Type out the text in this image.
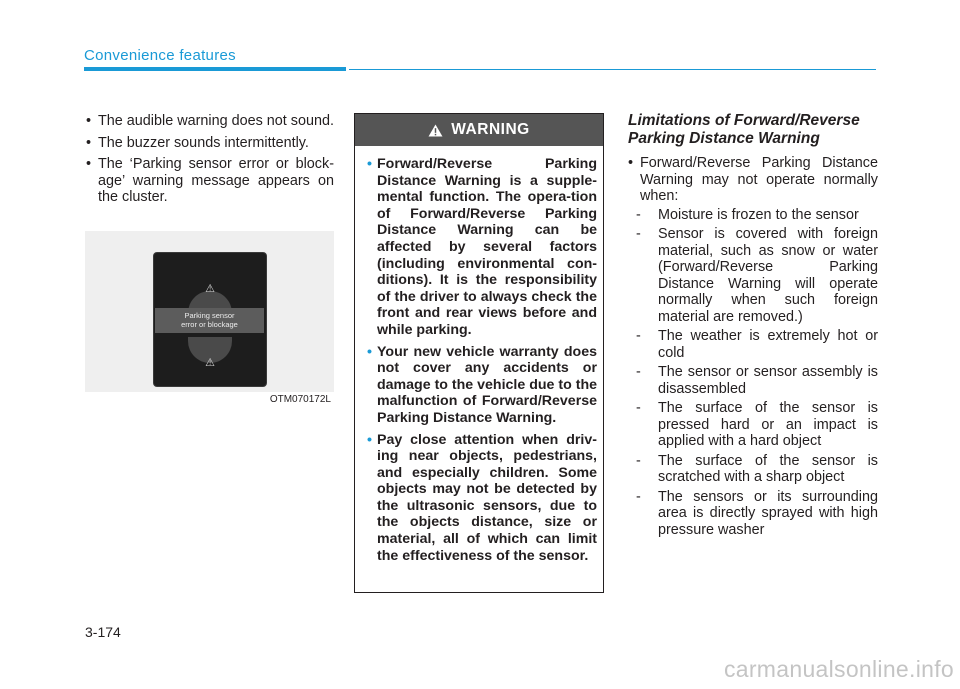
Convenience features
• The audible warning does not sound.
• The buzzer sounds intermittently.
• The ‘Parking sensor error or block-age’ warning message appears on the cluster.
⚠
⚠
Parking sensor
error or blockage
OTM070172L
WARNING
• Forward/Reverse Parking Distance Warning is a supple-mental function. The opera-tion of Forward/Reverse Parking Distance Warning can be affected by several factors (including environmental con-ditions). It is the responsibility of the driver to always check the front and rear views before and while parking.
• Your new vehicle warranty does not cover any accidents or damage to the vehicle due to the malfunction of Forward/Reverse Parking Distance Warning.
• Pay close attention when driv-ing near objects, pedestrians, and especially children. Some objects may not be detected by the ultrasonic sensors, due to the objects distance, size or material, all of which can limit the effectiveness of the sensor.
Limitations of Forward/Reverse Parking Distance Warning
• Forward/Reverse Parking Distance Warning may not operate normally when:
- Moisture is frozen to the sensor
- Sensor is covered with foreign material, such as snow or water (Forward/Reverse Parking Distance Warning will operate normally when such foreign material are removed.)
- The weather is extremely hot or cold
- The sensor or sensor assembly is disassembled
- The surface of the sensor is pressed hard or an impact is applied with a hard object
- The surface of the sensor is scratched with a sharp object
- The sensors or its surrounding area is directly sprayed with high pressure washer
3-174
carmanualsonline.info
